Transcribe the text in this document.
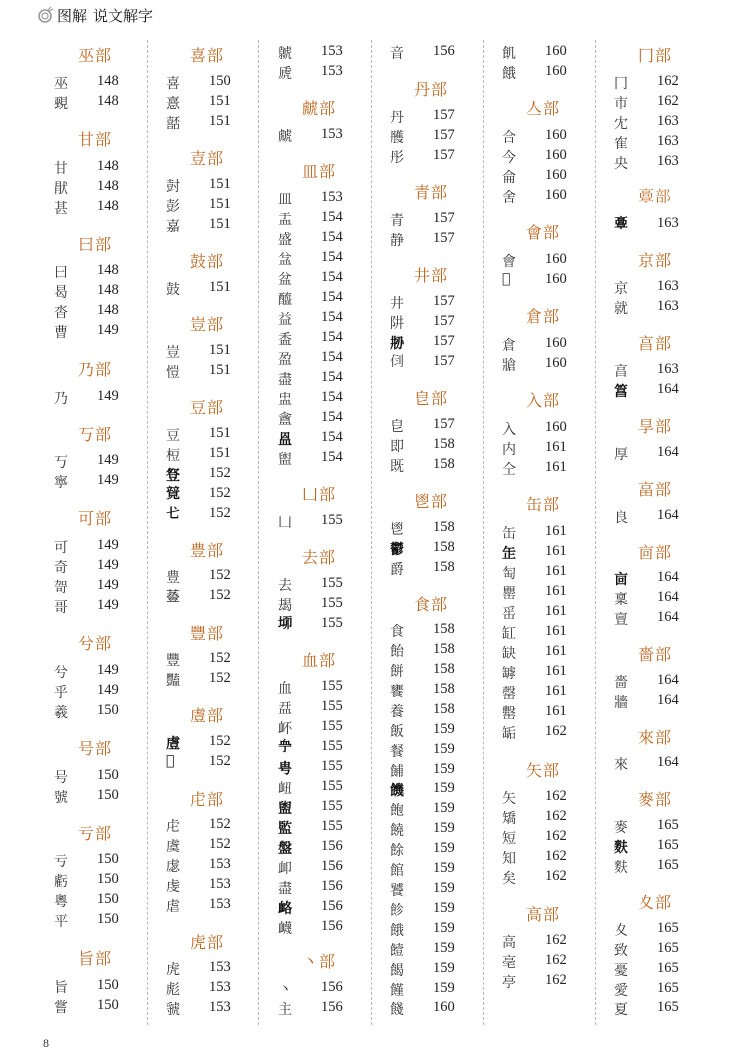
图解 说文解字
巫部
巫 148
覡 148
甘部
甘 148
猒 148
甚 148
曰部
曰 148
曷 148
沓 148
曹 149
乃部
乃 149
丂部
丂 149
寧 149
可部
可 149
奇 149
哿 149
哥 149
兮部
兮 149
乎 149
羲 150
号部
号 150
號 150
亏部
亏 150
虧 150
粵 150
平 150
旨部
旨 150
嘗 150
喜部
喜 150
憙 151
嚭 151
壴部
尌 151
彭 151
嘉 151
鼓部
鼓 151
豈部
豈 151
愷 151
豆部
豆 151
梪 151
豋 152
𥪰 152
𢍺 152
豊部
豊 152
𧯷 152
豐部
豐 152
豔 152
䖒部
䖒 152
𧇹 152
虍部
虍 152
虞 152
虙 153
虔 153
虐 153
虎部
虎 153
彪 153
虢 153
虩 153
虒 153
虤部
虤 153
皿部
皿 153
盂 154
盛 154
㿽 154
盆 154
醯 154
益 154
盉 154
盈 154
盡 154
盅 154
盦 154
𥁕 154
盥 154
凵部
凵 155
去部
去 155
朅 155
𡋫 155
血部
血 155
㿼 155
衃 155
𧖧 155
甹 155
衄 155
盥 155
監 155
盤 156
卹 156
盡 156
衉 156
衊 156
丶部
丶 156
主 156
音 156
丹部
丹 157
雘 157
彤 157
青部
青 157
静 157
井部
井 157
阱 157
刱 157
𠛷 157
皀部
皀 157
即 158
既 158
鬯部
鬯 158
鬱 158
爵 158
食部
食 158
飴 158
餅 158
饔 158
養 158
飯 159
餐 159
餔 159
饑 159
飽 159
饒 159
餘 159
館 159
饕 159
飻 159
餓 159
饐 159
餲 159
饉 159
餞 160
飢 160
餓 160
亼部
合 160
今 160
侖 160
舍 160
會部
會 160
𣜩 160
倉部
倉 160
牄 160
入部
入 160
内 161
仝 161
缶部
缶 161
𦈢 161
匋 161
罌 161
䍃 161
缸 161
缺 161
罅 161
罄 161
罊 161
缿 162
矢部
矢 162
矯 162
短 162
知 162
矣 162
高部
高 162
亳 162
亭 162
冂部
冂 162
市 162
冘 163
隺 163
央 163
𩫏部
𩫏 163
京部
京 163
就 163
亯部
亯 163
䈞 164
㫗部
厚 164
畗部
良 164
㐭部
㐭 164
稟 164
亶 164
嗇部
嗇 164
牆 164
來部
來 164
麥部
麥 165
麩 165
麩 165
夊部
夊 165
致 165
憂 165
愛 165
夏 165
8
